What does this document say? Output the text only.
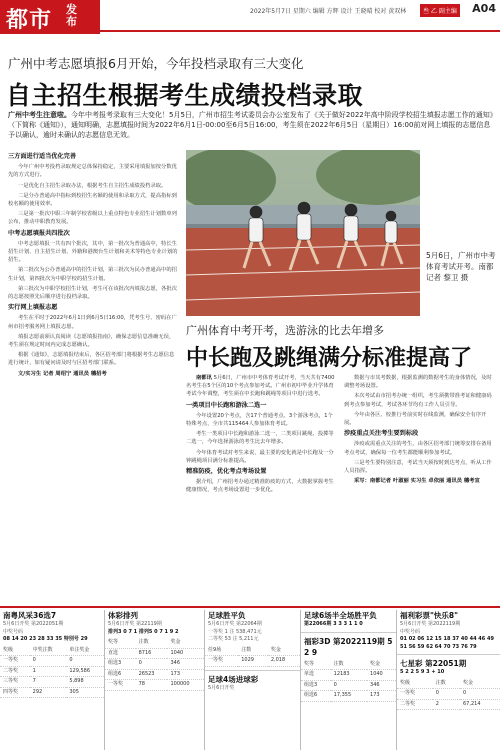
都市 发布
2022年5月7日 星期六 编辑 方辉 设计 王晓晴 校对 黄双林	叁 乙 副主编 A04
广州中考志愿填报6月开始，今年投档录取有三大变化
自主招生根据考生成绩投档录取
广州中考生注意啦。今年中考报考录取有三大变化！5月5日，广州市招生考试委员会办公室发布了《关于做好2022年高中阶段学校招生填报志愿工作的通知》（下简称《通知》），通知明确，志愿填报时间为2022年6月1日-00:00至6月5日16:00，考生须在2022年6月5日（星期日）16:00前对网上填报的志愿信息予以确认，逾时未确认的志愿信息无效。
三方面进行适当优化完善

今年广州中考投档录取规定总体保持稳定，主要采用填报加按分数优先的方式进行。

一是优化自主招生录取办法，根据考生自主招生成绩投档录取。

二是分办普通高中指标到校招生名额的使用和录取方式，提高指标到校名额的使用效率。

三是第一批次中职三年制学校省级以上重点特色专业招生计划数单列公布，推动中职教育发展。

中考志愿填报共四批次

中考志愿填报一共有四个批次，其中，第一批次为普通高中，特长生招生计划、自主招生计划、外籍和港澳台生计划和美术等特色专业计划的招生。

第二批次为公办普通高中的招生计划，第三批次为民办普通高中的招生计划，第四批次为中职学校的招生计划。

第三批次为中职学校招生计划，考生可在该批次内填报志愿，各批次的志愿按照先后顺序进行投档录取。

实行网上填报志愿

考生在平时于2022年6月1日到6月5日16:00，凭考生号、密码在广州市招考服务网上填报志愿。

填报志愿前须认真阅读《志愿填报指南》，确保志愿信息准确无误，考生须在规定时间内完成志愿确认。

根据《通知》，志愿填报结束后，各区招考部门将根据考生志愿信息进行统计，如有疑问请及时与区招考部门联系。

文/实习生 记者 周绍宁 通讯员 穗招考

5月6日，广州市中考体育考试开考。南都记者 黎卫 摄
广州体育中考开考，选游泳的比去年增多
中长跑及跳绳满分标准提高了

南都讯 5月6日，广州市中考体育考试开考，当天共有7400名考生在5个区的10个考点参加考试。广州市初中毕业升学体育考试今年调整，考生须在中长跑和跳绳等项目中进行选考。

一类项目中长跑和游泳二选一

今年设置20个考点，含17个普通考点、3个游泳考点，1个特殊考点，全市共115464人参加体育考试。

考生一类项目中长跑和游泳二选一，二类项目跳绳、投掷等二选一，今年选择游泳的考生比去年增多。

今年体育考试对考生来说，最主要的变化就是中长跑及一分钟跳绳项目满分标准提高。

精准防疫，优化考点考场设置

据介绍，广州招考办通过精准防疫的方式，大数据掌握考生健康情况，考点考场设置进一步优化。

数据与市其考数据，根据监测的数据考生的身体情况，及时调整考场设置。

本次考试由市招考办统一组织，考生须携带准考证和健康码到考点参加考试，考试各环节均有工作人员引导。

今年由各区、校推行考前实时在线监测，确保安全有序开展。

涉疫重点关注考生要到标段

涉疫或需重点关注的考生，由各区招考部门统筹安排在备用考点考试，确保每一位考生都能顺利参加考试。

三是考生要特别注意，考试当天须按时到达考点，听从工作人员指挥。

采写：南都记者 叶淑丽 实习生 卓依丽 通讯员 穗考宣

南粤风采36选7
5月6日开奖 第2022051期
中奖号码
08 14 20 23 28 33 35 特别号 29
奖级	中奖注数	单注奖金
一等奖	0	0
二等奖	1	129,586
三等奖	7	5,898
四等奖	292	305
体彩排列
5月6日开奖 第22119期
排列3 0 7 1 排列5 0 7 1 9 2
奖等	注数	奖金
直选	8716	1040
组选3	0	346
组选6	26523	173
一等奖	78	100000
足球胜平负
5月6日开奖 第22064期
一等奖 1 注 538,471元
二等奖 53 注 5,211元
任9场	注数	奖金
一等奖	1029	2,018
足球4场进球彩
5月6日开奖
足球6场半全场胜平负
第22066期 3 3 3 1 1 0
福彩3D 第2022119期 5 2 9
奖等	注数	奖金
单选	12183	1040
组选3	0	346
组选6	17,355	173
福利彩票"快乐8"
5月6日开奖 第2022119期
中奖号码
01 02 06 12 15 18 37 40 44 46 49 51 56 59 62 64 70 73 76 79
七星彩 第22051期
5 2 2 5 9 3 + 10
奖级	注数	奖金
一等奖	0	0
二等奖	2	67,214
